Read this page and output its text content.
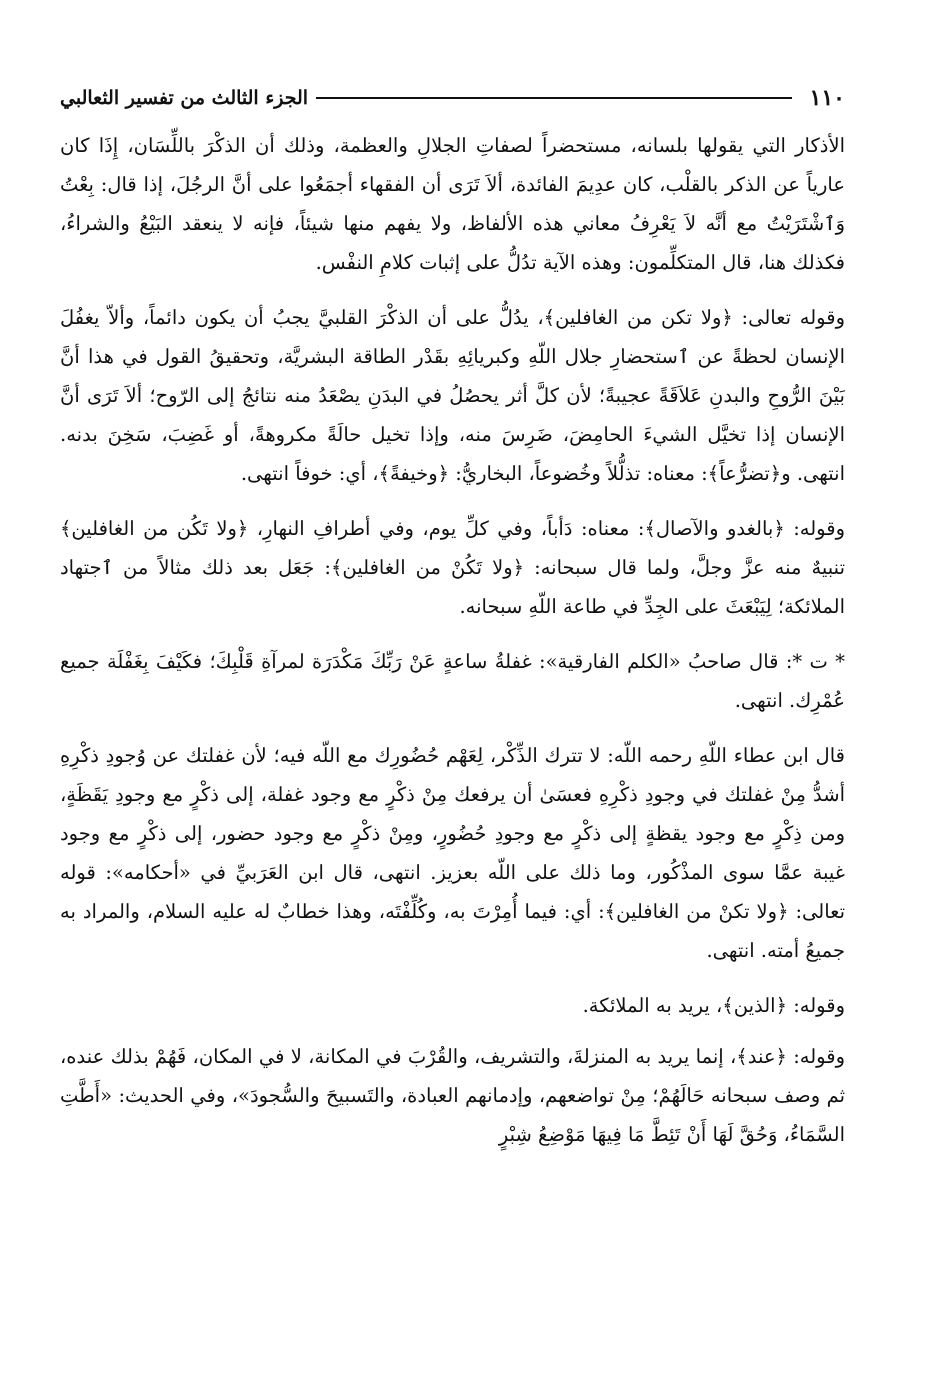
١١٠
الجزء الثالث من تفسير الثعالبي

الأذكار التي يقولها بلسانه، مستحضراً لصفاتِ الجلالِ والعظمة، وذلك أن الذكْرَ باللِّسَان، إِذَا كان عارياً عن الذكر بالقلْب، كان عدِيمَ الفائدة، ألاَ تَرَى أن الفقهاء أجمَعُوا على أنَّ الرجُلَ، إذا قال: بِعْتُ وَٱشْتَرَيْتُ مع أنَّه لاَ يَعْرِفُ معاني هذه الألفاظ، ولا يفهم منها شيئاً، فإنه لا ينعقد البَيْعُ والشراءُ، فكذلك هنا، قال المتكلِّمون: وهذه الآية تدُلُّ على إثبات كلامِ النفْس.

وقوله تعالى: ﴿ولا تكن من الغافلين﴾، يدُلُّ على أن الذكْرَ القلبيَّ يجبُ أن يكون دائماً، وألاّ يغفُلَ الإنسان لحظةً عن ٱستحضارِ جلال اللّهِ وكبريائِهِ بقَدْر الطاقة البشريَّة، وتحقيقُ القول في هذا أنَّ بَيْنَ الرُّوحِ والبدنِ عَلاَقَةً عجيبةً؛ لأن كلَّ أثر يحصُلُ في البدَنِ يصْعَدُ منه نتائجُ إلى الرّوح؛ ألاَ تَرَى أنَّ الإنسان إذا تخيَّل الشيءَ الحامِضَ، ضَرِسَ منه، وإذا تخيل حالَةً مكروهةً، أو غَضِبَ، سَخِنَ بدنه. انتهى. و﴿تضرُّعاً﴾: معناه: تذلُّلاً وخُضوعاً، البخاريُّ: ﴿وخيفةً﴾، أي: خوفاً انتهى.

وقوله: ﴿بالغدو والآصال﴾: معناه: دَأباً، وفي كلِّ يوم، وفي أطرافِ النهارِ، ﴿ولا تَكُن من الغافلين﴾ تنبيهٌ منه عزَّ وجلَّ، ولما قال سبحانه: ﴿ولا تَكُنْ من الغافلين﴾: جَعَل بعد ذلك مثالاً من ٱجتهاد الملائكة؛ لِيَبْعَثَ على الجِدِّ في طاعة اللّهِ سبحانه.

* ت *: قال صاحبُ «الكلم الفارقية»: غفلةُ ساعةٍ عَنْ رَبِّكَ مَكْدَرَة لمرآةِ قَلْبِكَ؛ فكَيْفَ بِغَفْلَة جميع عُمْرِك. انتهى.

قال ابن عطاء اللّهِ رحمه اللّه: لا تترك الذِّكْر، لِعَهْم حُضُورِك مع اللّه فيه؛ لأن غفلتك عن وُجودِ ذكْرِهِ أشدُّ مِنْ غفلتك في وجودِ ذكْرِهِ فعسَىٰ أن يرفعك مِنْ ذكْرٍ مع وجود غفلة، إلى ذكْرٍ مع وجودِ يَقَظَةٍ، ومن ذِكْرٍ مع وجود يقظةٍ إلى ذكْرٍ مع وجودِ حُضُورٍ، ومِنْ ذكْرٍ مع وجود حضور، إلى ذكْرٍ مع وجود غيبة عمَّا سوى المذْكُور، وما ذلك على اللّه بعزيز. انتهى، قال ابن العَرَبيِّ في «أحكامه»: قوله تعالى: ﴿ولا تكنْ من الغافلين﴾: أي: فيما أُمِرْتَ به، وكُلِّفْتَه، وهذا خطابٌ له عليه السلام، والمراد به جميعُ أمته. انتهى.

وقوله: ﴿الذين﴾، يريد به الملائكة.

وقوله: ﴿عند﴾، إنما يريد به المنزلةَ، والتشريف، والقُرْبَ في المكانة، لا في المكان، فَهُمْ بذلك عنده، ثم وصف سبحانه حَالَهُمْ؛ مِنْ تواضعهم، وإدمانهم العبادة، والتَسبيحَ والسُّجودَ»، وفي الحديث: «أَطَّتِ السَّمَاءُ، وَحُقَّ لَهَا أَنْ تَئِطَّ مَا فِيهَا مَوْضِعُ شِبْرٍ
